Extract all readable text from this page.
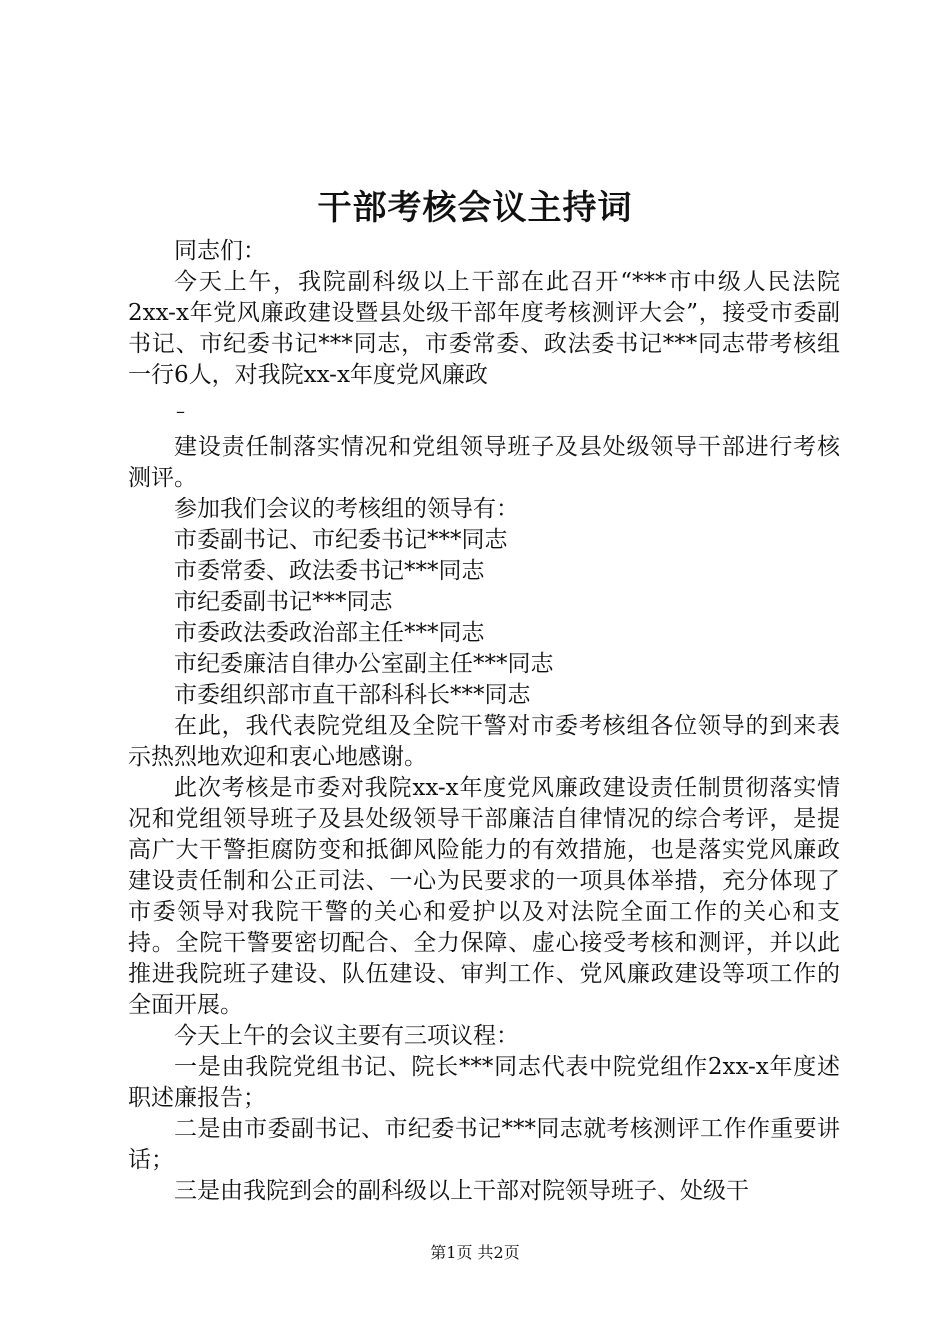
干部考核会议主持词

同志们：

今天上午，我院副科级以上干部在此召开“***市中级人民法院2xx-x年党风廉政建设暨县处级干部年度考核测评大会”，接受市委副书记、市纪委书记***同志，市委常委、政法委书记***同志带考核组一行6人，对我院xx-x年度党风廉政

–

建设责任制落实情况和党组领导班子及县处级领导干部进行考核测评。

参加我们会议的考核组的领导有：

市委副书记、市纪委书记***同志

市委常委、政法委书记***同志

市纪委副书记***同志

市委政法委政治部主任***同志

市纪委廉洁自律办公室副主任***同志

市委组织部市直干部科科长***同志

在此，我代表院党组及全院干警对市委考核组各位领导的到来表示热烈地欢迎和衷心地感谢。

此次考核是市委对我院xx-x年度党风廉政建设责任制贯彻落实情况和党组领导班子及县处级领导干部廉洁自律情况的综合考评，是提高广大干警拒腐防变和抵御风险能力的有效措施，也是落实党风廉政建设责任制和公正司法、一心为民要求的一项具体举措，充分体现了市委领导对我院干警的关心和爱护以及对法院全面工作的关心和支持。全院干警要密切配合、全力保障、虚心接受考核和测评，并以此推进我院班子建设、队伍建设、审判工作、党风廉政建设等项工作的全面开展。

今天上午的会议主要有三项议程：

一是由我院党组书记、院长***同志代表中院党组作2xx-x年度述职述廉报告；

二是由市委副书记、市纪委书记***同志就考核测评工作作重要讲话；

三是由我院到会的副科级以上干部对院领导班子、处级干

第1页 共2页
